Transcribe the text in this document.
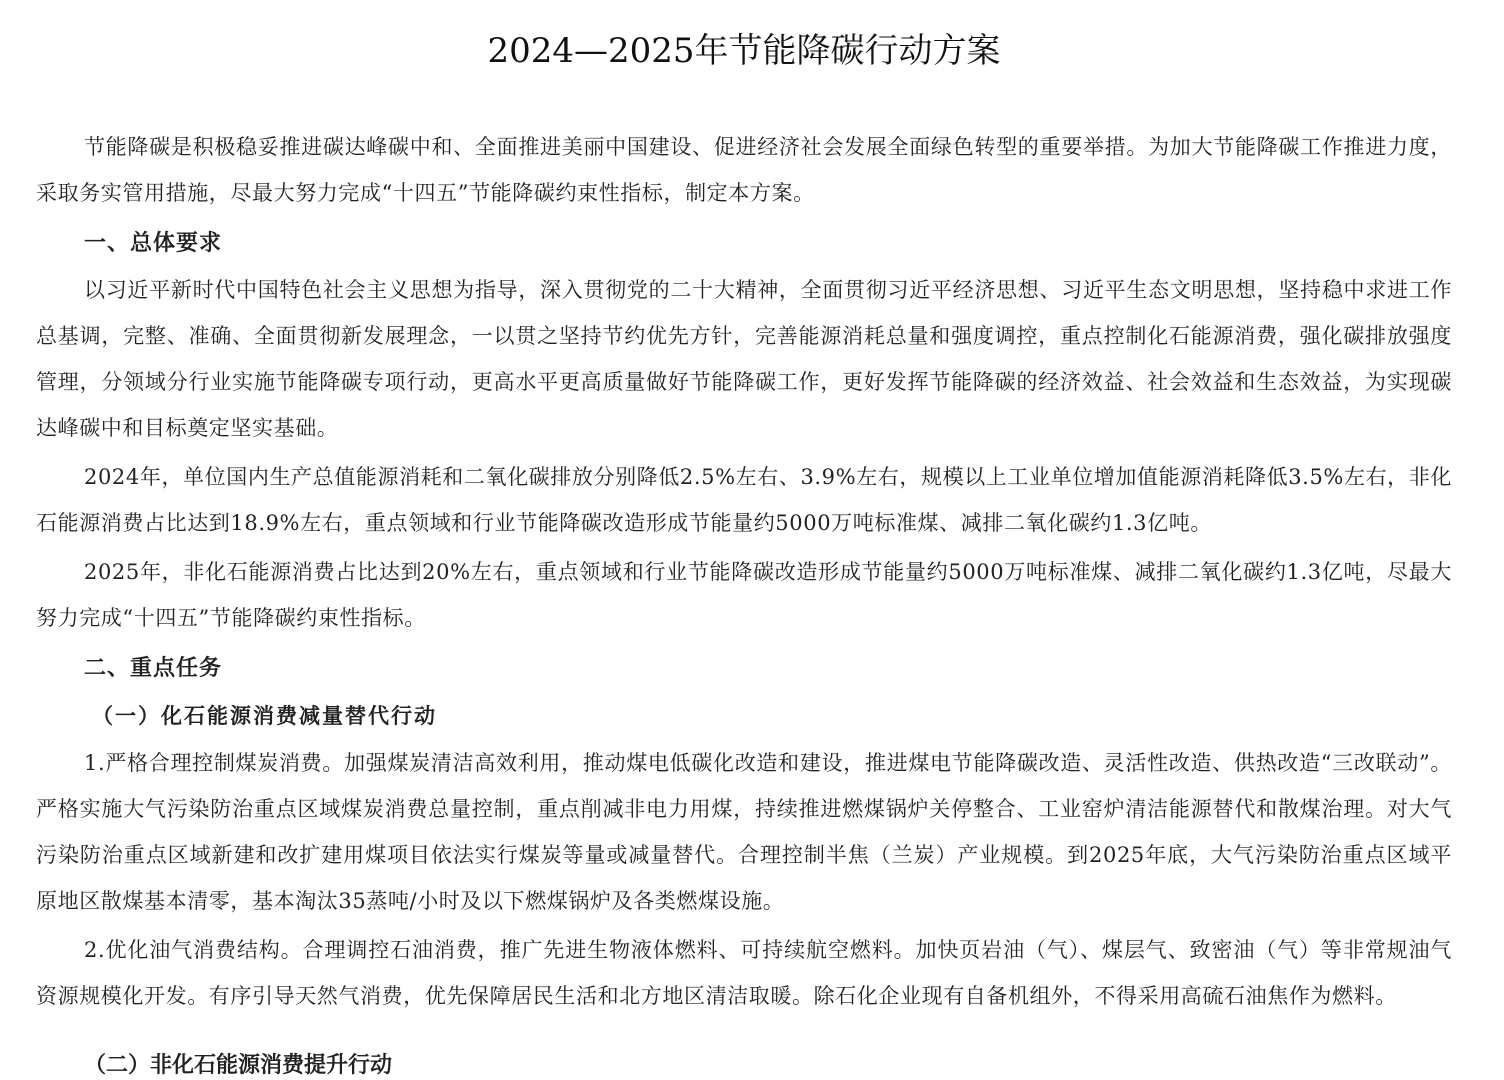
2024—2025年节能降碳行动方案

节能降碳是积极稳妥推进碳达峰碳中和、全面推进美丽中国建设、促进经济社会发展全面绿色转型的重要举措。为加大节能降碳工作推进力度，采取务实管用措施，尽最大努力完成“十四五”节能降碳约束性指标，制定本方案。

一、总体要求

以习近平新时代中国特色社会主义思想为指导，深入贯彻党的二十大精神，全面贯彻习近平经济思想、习近平生态文明思想，坚持稳中求进工作总基调，完整、准确、全面贯彻新发展理念，一以贯之坚持节约优先方针，完善能源消耗总量和强度调控，重点控制化石能源消费，强化碳排放强度管理，分领域分行业实施节能降碳专项行动，更高水平更高质量做好节能降碳工作，更好发挥节能降碳的经济效益、社会效益和生态效益，为实现碳达峰碳中和目标奠定坚实基础。

2024年，单位国内生产总值能源消耗和二氧化碳排放分别降低2.5%左右、3.9%左右，规模以上工业单位增加值能源消耗降低3.5%左右，非化石能源消费占比达到18.9%左右，重点领域和行业节能降碳改造形成节能量约5000万吨标准煤、减排二氧化碳约1.3亿吨。

2025年，非化石能源消费占比达到20%左右，重点领域和行业节能降碳改造形成节能量约5000万吨标准煤、减排二氧化碳约1.3亿吨，尽最大努力完成“十四五”节能降碳约束性指标。

二、重点任务
（一）化石能源消费减量替代行动

1.严格合理控制煤炭消费。加强煤炭清洁高效利用，推动煤电低碳化改造和建设，推进煤电节能降碳改造、灵活性改造、供热改造“三改联动”。严格实施大气污染防治重点区域煤炭消费总量控制，重点削减非电力用煤，持续推进燃煤锅炉关停整合、工业窑炉清洁能源替代和散煤治理。对大气污染防治重点区域新建和改扩建用煤项目依法实行煤炭等量或减量替代。合理控制半焦（兰炭）产业规模。到2025年底，大气污染防治重点区域平原地区散煤基本清零，基本淘汰35蒸吨/小时及以下燃煤锅炉及各类燃煤设施。

2.优化油气消费结构。合理调控石油消费，推广先进生物液体燃料、可持续航空燃料。加快页岩油（气）、煤层气、致密油（气）等非常规油气资源规模化开发。有序引导天然气消费，优先保障居民生活和北方地区清洁取暖。除石化企业现有自备机组外，不得采用高硫石油焦作为燃料。

（二）非化石能源消费提升行动
